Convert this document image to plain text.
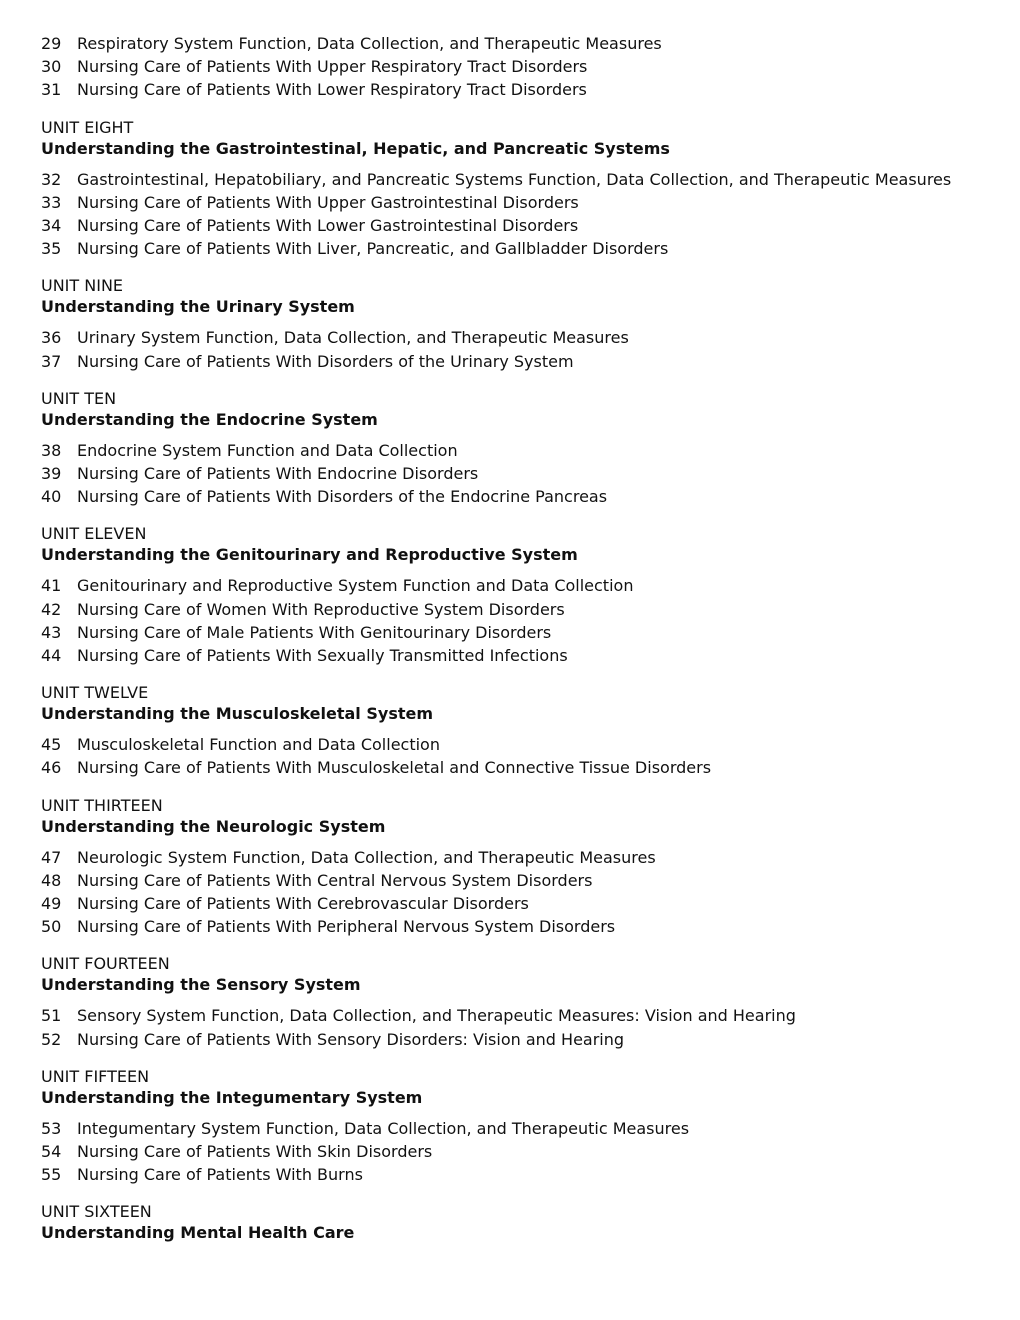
29 Respiratory System Function, Data Collection, and Therapeutic Measures
30 Nursing Care of Patients With Upper Respiratory Tract Disorders
31 Nursing Care of Patients With Lower Respiratory Tract Disorders
UNIT EIGHT
Understanding the Gastrointestinal, Hepatic, and Pancreatic Systems
32 Gastrointestinal, Hepatobiliary, and Pancreatic Systems Function, Data Collection, and Therapeutic Measures
33 Nursing Care of Patients With Upper Gastrointestinal Disorders
34 Nursing Care of Patients With Lower Gastrointestinal Disorders
35 Nursing Care of Patients With Liver, Pancreatic, and Gallbladder Disorders
UNIT NINE
Understanding the Urinary System
36 Urinary System Function, Data Collection, and Therapeutic Measures
37 Nursing Care of Patients With Disorders of the Urinary System
UNIT TEN
Understanding the Endocrine System
38 Endocrine System Function and Data Collection
39 Nursing Care of Patients With Endocrine Disorders
40 Nursing Care of Patients With Disorders of the Endocrine Pancreas
UNIT ELEVEN
Understanding the Genitourinary and Reproductive System
41 Genitourinary and Reproductive System Function and Data Collection
42 Nursing Care of Women With Reproductive System Disorders
43 Nursing Care of Male Patients With Genitourinary Disorders
44 Nursing Care of Patients With Sexually Transmitted Infections
UNIT TWELVE
Understanding the Musculoskeletal System
45 Musculoskeletal Function and Data Collection
46 Nursing Care of Patients With Musculoskeletal and Connective Tissue Disorders
UNIT THIRTEEN
Understanding the Neurologic System
47 Neurologic System Function, Data Collection, and Therapeutic Measures
48 Nursing Care of Patients With Central Nervous System Disorders
49 Nursing Care of Patients With Cerebrovascular Disorders
50 Nursing Care of Patients With Peripheral Nervous System Disorders
UNIT FOURTEEN
Understanding the Sensory System
51 Sensory System Function, Data Collection, and Therapeutic Measures: Vision and Hearing
52 Nursing Care of Patients With Sensory Disorders: Vision and Hearing
UNIT FIFTEEN
Understanding the Integumentary System
53 Integumentary System Function, Data Collection, and Therapeutic Measures
54 Nursing Care of Patients With Skin Disorders
55 Nursing Care of Patients With Burns
UNIT SIXTEEN
Understanding Mental Health Care
